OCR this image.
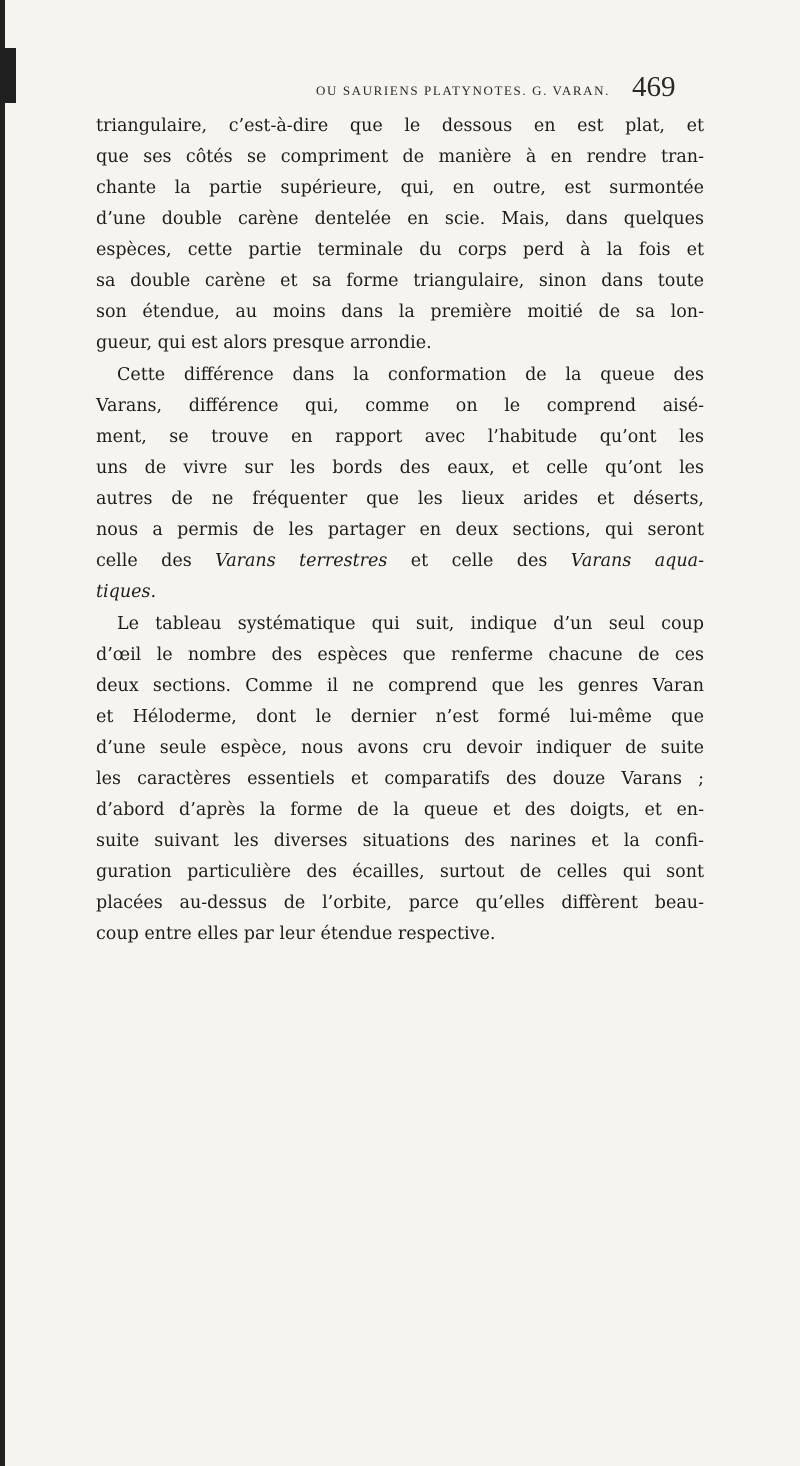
OU SAURIENS PLATYNOTES. G. VARAN. 469
triangulaire, c’est-à-dire que le dessous en est plat, et
que ses côtés se compriment de manière à en rendre tran-
chante la partie supérieure, qui, en outre, est surmontée
d’une double carène dentelée en scie. Mais, dans quelques
espèces, cette partie terminale du corps perd à la fois et
sa double carène et sa forme triangulaire, sinon dans toute
son étendue, au moins dans la première moitié de sa lon-
gueur, qui est alors presque arrondie.
Cette différence dans la conformation de la queue des
Varans, différence qui, comme on le comprend aisé-
ment, se trouve en rapport avec l’habitude qu’ont les
uns de vivre sur les bords des eaux, et celle qu’ont les
autres de ne fréquenter que les lieux arides et déserts,
nous a permis de les partager en deux sections, qui seront
celle des Varans terrestres et celle des Varans aqua-
tiques.
Le tableau systématique qui suit, indique d’un seul coup
d’œil le nombre des espèces que renferme chacune de ces
deux sections. Comme il ne comprend que les genres Varan
et Héloderme, dont le dernier n’est formé lui-même que
d’une seule espèce, nous avons cru devoir indiquer de suite
les caractères essentiels et comparatifs des douze Varans ;
d’abord d’après la forme de la queue et des doigts, et en-
suite suivant les diverses situations des narines et la confi-
guration particulière des écailles, surtout de celles qui sont
placées au-dessus de l’orbite, parce qu’elles diffèrent beau-
coup entre elles par leur étendue respective.
